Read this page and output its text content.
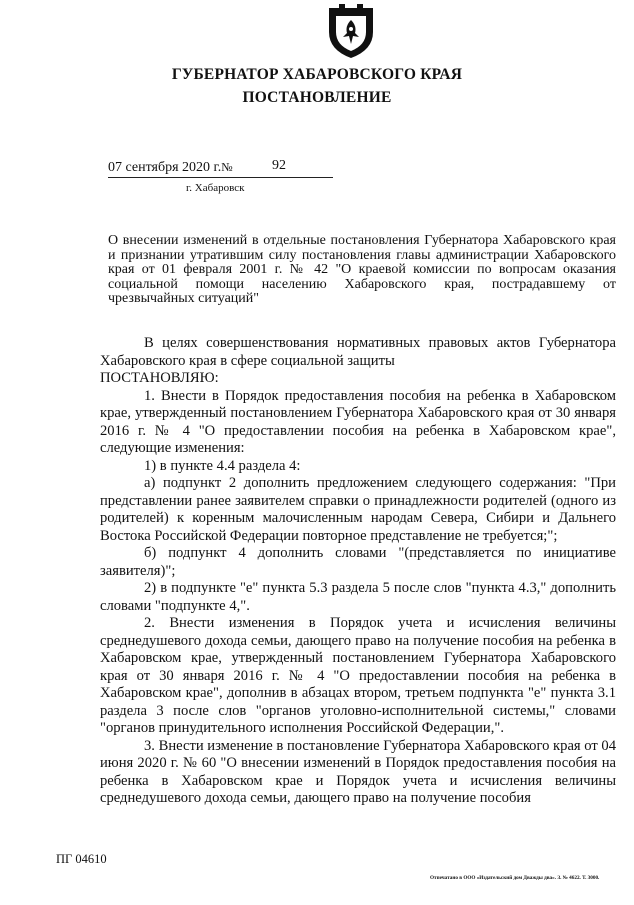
ГУБЕРНАТОР ХАБАРОВСКОГО КРАЯ
ПОСТАНОВЛЕНИЕ
07 сентября 2020 г.№	92
г. Хабаровск
О внесении изменений в отдельные постановления Губернатора Хабаровского края и признании утратившим силу постановления главы администрации Хабаровского края от 01 февраля 2001 г. № 42 "О краевой комиссии по вопросам оказания социальной помощи населению Хабаровского края, пострадавшему от чрезвычайных ситуаций"

В целях совершенствования нормативных правовых актов Губернатора Хабаровского края в сфере социальной защиты

ПОСТАНОВЛЯЮ:

1. Внести в Порядок предоставления пособия на ребенка в Хабаровском крае, утвержденный постановлением Губернатора Хабаровского края от 30 января 2016 г. № 4 "О предоставлении пособия на ребенка в Хабаровском крае", следующие изменения:

1) в пункте 4.4 раздела 4:

а) подпункт 2 дополнить предложением следующего содержания: "При представлении ранее заявителем справки о принадлежности родителей (одного из родителей) к коренным малочисленным народам Севера, Сибири и Дальнего Востока Российской Федерации повторное представление не требуется;";

б) подпункт 4 дополнить словами "(представляется по инициативе заявителя)";

2) в подпункте "е" пункта 5.3 раздела 5 после слов "пункта 4.3," дополнить словами "подпункте 4,".

2. Внести изменения в Порядок учета и исчисления величины среднедушевого дохода семьи, дающего право на получение пособия на ребенка в Хабаровском крае, утвержденный постановлением Губернатора Хабаровского края от 30 января 2016 г. № 4 "О предоставлении пособия на ребенка в Хабаровском крае", дополнив в абзацах втором, третьем подпункта "е" пункта 3.1 раздела 3 после слов "органов уголовно-исполнительной системы," словами "органов принудительного исполнения Российской Федерации,".

3. Внести изменение в постановление Губернатора Хабаровского края от 04 июня 2020 г. № 60 "О внесении изменений в Порядок предоставления пособия на ребенка в Хабаровском крае и Порядок учета и исчисления величины среднедушевого дохода семьи, дающего право на получение пособия

ПГ 04610
Отпечатано в ООО «Издательский дом Дважды два». З. № 4622. Т. 3000.
